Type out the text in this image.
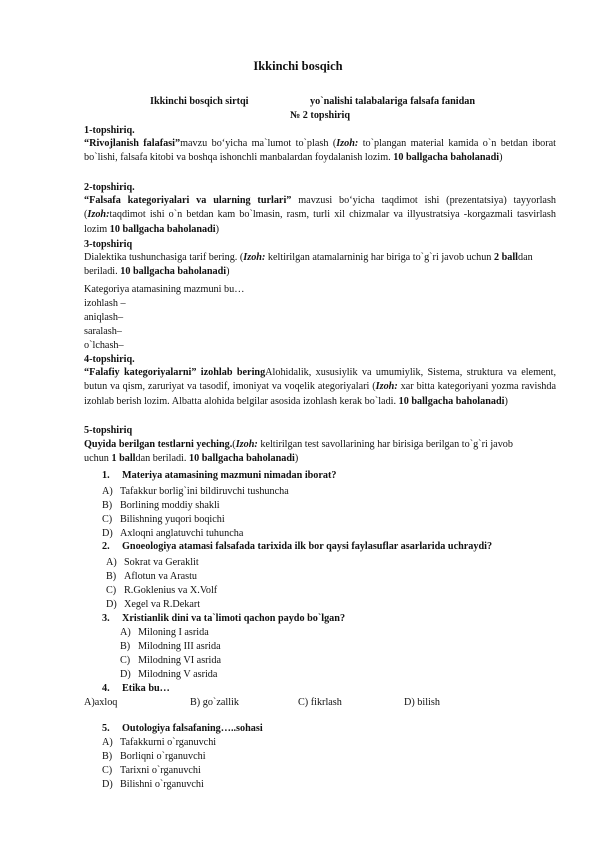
Ikkinchi bosqich
Ikkinchi bosqich sirtqi	yo`nalishi talabalariga falsafa fanidan
№ 2 topshiriq
1-topshiriq.
“Rivojlanish falafasi”mavzu bo‘yicha ma`lumot to`plash (Izoh: to`plangan material kamida o`n betdan iborat bo`lishi, falsafa kitobi va boshqa ishonchli manbalardan foydalanish lozim. 10 ballgacha baholanadi)
2-topshiriq.
“Falsafa kategoriyalari va ularning turlari” mavzusi bo‘yicha taqdimot ishi (prezentatsiya) tayyorlash (Izoh:taqdimot ishi o`n betdan kam bo`lmasin, rasm, turli xil chizmalar va illyustratsiya -korgazmali tasvirlash lozim 10 ballgacha baholanadi)
3-topshiriq
Dialektika tushunchasiga tarif bering. (Izoh: keltirilgan atamalarninig har biriga to`g`ri javob uchun 2 balldan beriladi. 10 ballgacha baholanadi)
Kategoriya atamasining mazmuni bu…
izohlash –
aniqlash–
saralash–
o`lchash–
4-topshiriq.
“Falafiy kategoriyalarni” izohlab beringAlohidalik, xususiylik va umumiylik, Sistema, struktura va element, butun va qism, zaruriyat va tasodif, imoniyat va voqelik ategoriyalari (Izoh: xar bitta kategoriyani yozma ravishda izohlab berish lozim. Albatta alohida belgilar asosida izohlash kerak bo`ladi. 10 ballgacha baholanadi)
5-topshiriq
Quyida berilgan testlarni yeching.(Izoh: keltirilgan test savollarining har birisiga berilgan to`g`ri javob
uchun 1 balldan beriladi. 10 ballgacha baholanadi)
1. Materiya atamasining mazmuni nimadan iborat?
A) Tafakkur borlig`ini bildiruvchi tushuncha
B) Borlining moddiy shakli
C) Bilishning yuqori boqichi
D) Axloqni anglatuvchi tuhuncha
2. Gnoeologiya atamasi falsafada tarixida ilk bor qaysi faylasuflar asarlarida uchraydi?
A) Sokrat va Geraklit
B) Aflotun va Arastu
C) R.Goklenius va X.Volf
D) Xegel va R.Dekart
3. Xristianlik dini va ta`limoti qachon paydo bo`lgan?
A) Miloning I asrida
B) Milodning III asrida
C) Milodning VI asrida
D) Milodning V asrida
4. Etika bu…
A)axloq	B) go`zallik	C) fikrlash	D) bilish
5. Outologiya falsafaning…..sohasi
A) Tafakkurni o`rganuvchi
B) Borliqni o`rganuvchi
C) Tarixni o`rganuvchi
D) Bilishni o`rganuvchi
